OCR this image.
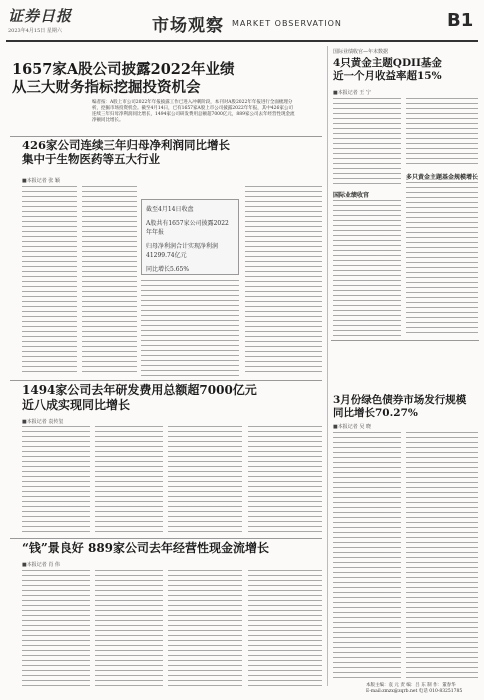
证券日报
2023年4月15日 星期六	市场观察 MARKET OBSERVATION	B1
1657家A股公司披露2022年业绩
从三大财务指标挖掘投资机会
编者按：A股上市公司2022年年报披露工作已进入冲刺阶段，本刊对A股2022年年报进行全面梳理分析，挖掘市场投资机会。截至4月14日，已有1657家A股上市公司披露2022年年报，其中426家公司连续三年归母净利润同比增长，1494家公司研发费用总额超7000亿元，889家公司去年经营性现金流净额同比增长。
426家公司连续三年归母净利润同比增长
集中于生物医药等五大行业
■本报记者 张 颖
截至4月14日收盘
A股共有1657家公司披露2022年年报
归母净利润合计实现净利润41299.74亿元
同比增长5.65%
1494家公司去年研发费用总额超7000亿元
近八成实现同比增长
■本报记者 袁传玺
“钱”景良好 889家公司去年经营性现金流增长
■本报记者 肖 伟
国际业绩收官—年末数据
4只黄金主题QDII基金
近一个月收益率超15%
■本报记者 王 宁
国际业绩收官
多只黄金主题基金规模增长
3月份绿色债券市场发行规模
同比增长70.27%
■本报记者 吴 晓
本版主编：袁 元 责 编：吕 东 制 作：董春华
E-mail:zmzx@zqrb.net 电话 010-83251785
